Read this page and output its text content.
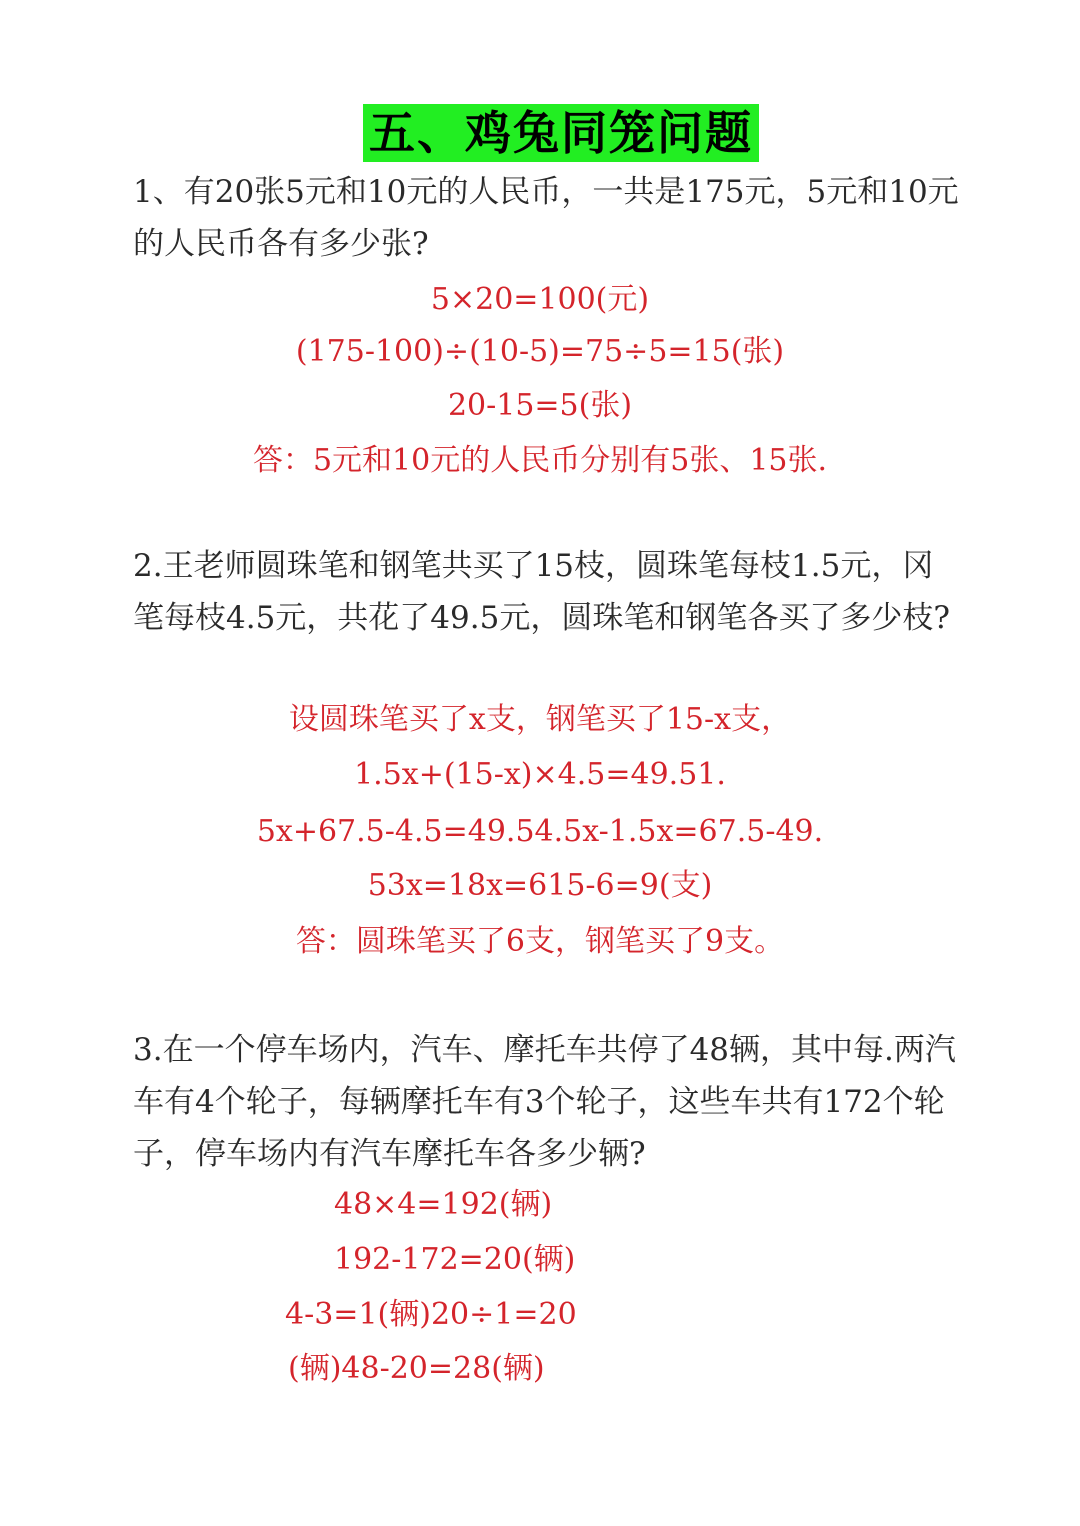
五、鸡兔同笼问题

1、有20张5元和10元的人民币，一共是175元，5元和10元的人民币各有多少张?

5×20=100(元)

(175-100)÷(10-5)=75÷5=15(张)

20-15=5(张)

答：5元和10元的人民币分别有5张、15张.

2.王老师圆珠笔和钢笔共买了15枝，圆珠笔每枝1.5元，冈笔每枝4.5元，共花了49.5元，圆珠笔和钢笔各买了多少枝?

设圆珠笔买了x支，钢笔买了15-x支，

1.5x+(15-x)×4.5=49.51.

5x+67.5-4.5=49.54.5x-1.5x=67.5-49.

53x=18x=615-6=9(支)

答：圆珠笔买了6支，钢笔买了9支。

3.在一个停车场内，汽车、摩托车共停了48辆，其中每.两汽车有4个轮子，每辆摩托车有3个轮子，这些车共有172个轮子，停车场内有汽车摩托车各多少辆?

48×4=192(辆)

192-172=20(辆)

4-3=1(辆)20÷1=20

(辆)48-20=28(辆)
